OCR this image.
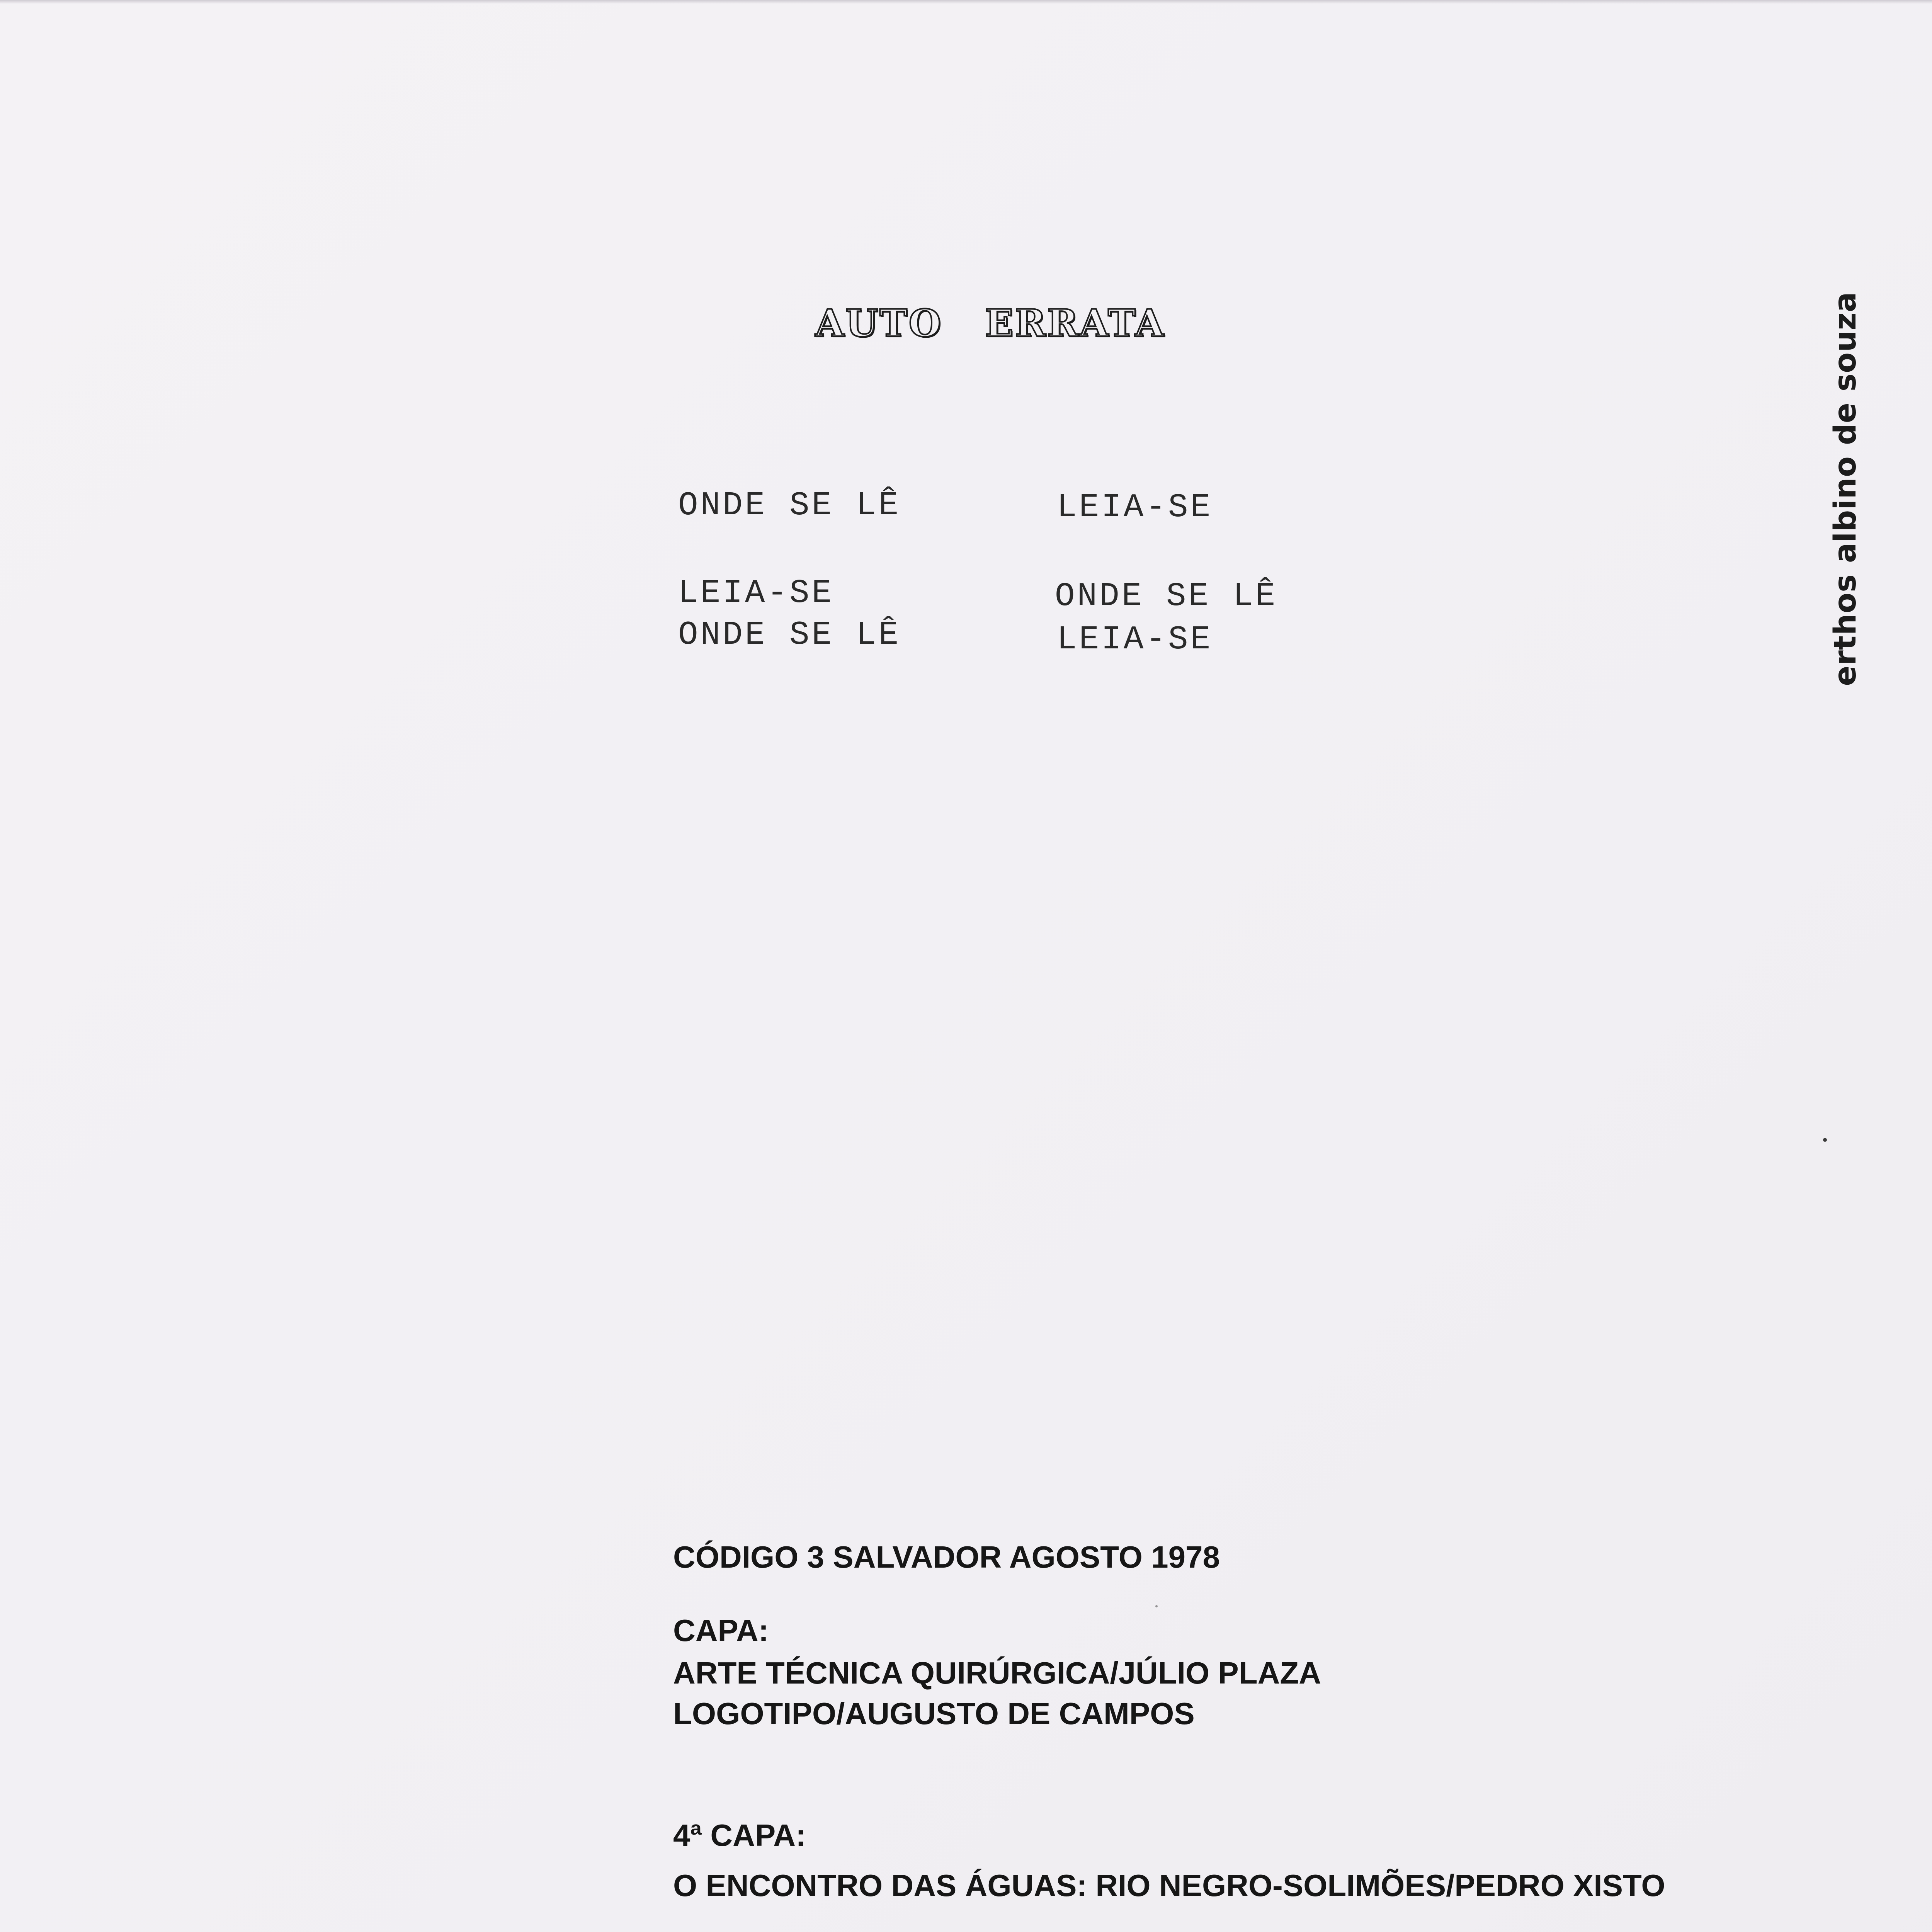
AUTO ERRATA
ONDE SE LÊ	LEIA-SE
LEIA-SE	ONDE SE LÊ
ONDE SE LÊ	LEIA-SE	erthos albino de souza
CÓDIGO 3 SALVADOR AGOSTO 1978
CAPA:
ARTE TÉCNICA QUIRÚRGICA/JÚLIO PLAZA
LOGOTIPO/AUGUSTO DE CAMPOS
4ª CAPA:
O ENCONTRO DAS ÁGUAS: RIO NEGRO-SOLIMÕES/PEDRO XISTO
